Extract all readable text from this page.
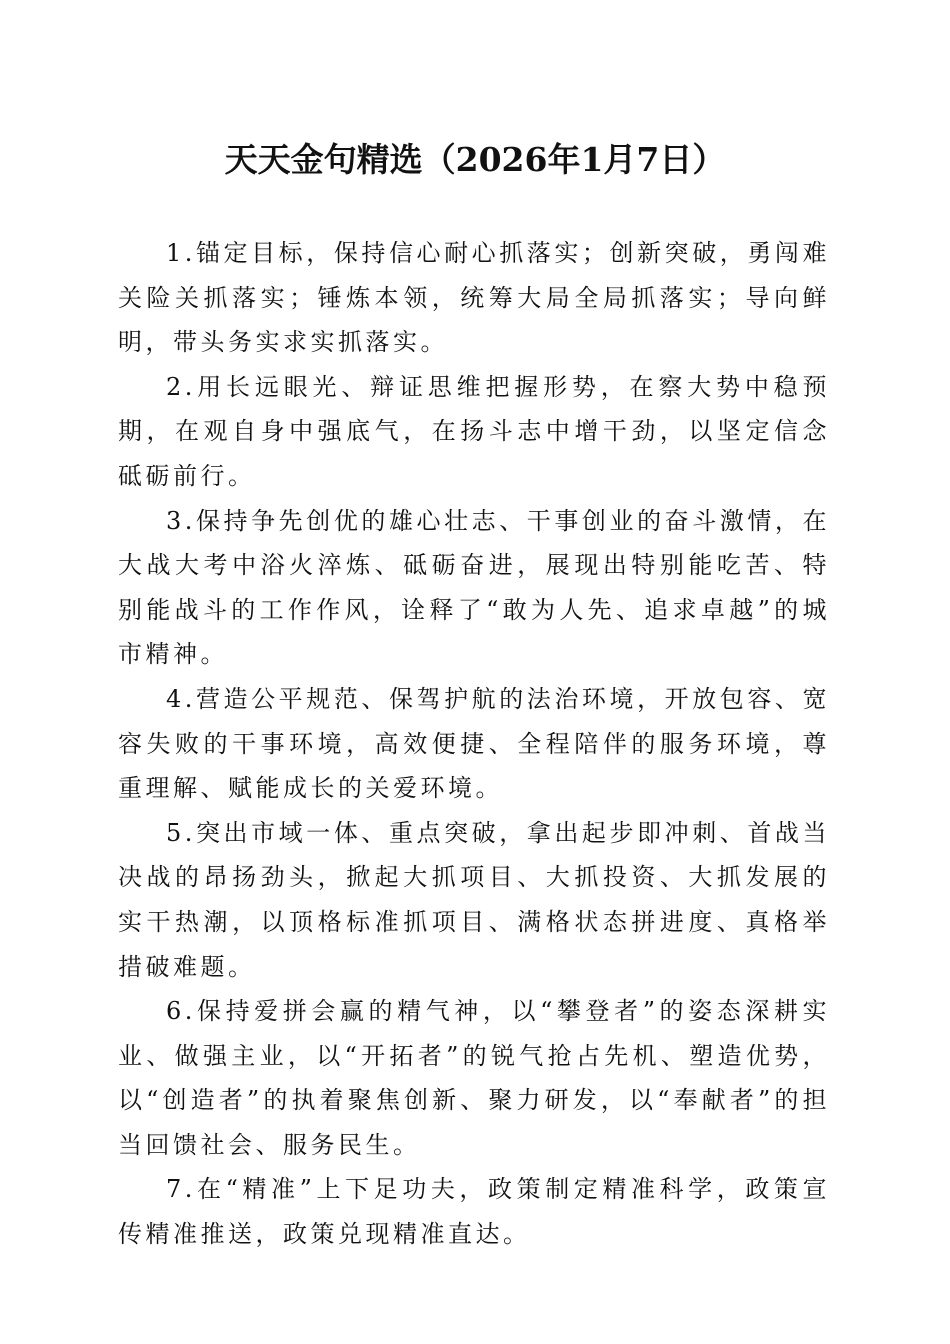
天天金句精选（2026年1月7日）

1.锚定目标，保持信心耐心抓落实；创新突破，勇闯难关险关抓落实；锤炼本领，统筹大局全局抓落实；导向鲜明，带头务实求实抓落实。

2.用长远眼光、辩证思维把握形势，在察大势中稳预期，在观自身中强底气，在扬斗志中增干劲，以坚定信念砥砺前行。

3.保持争先创优的雄心壮志、干事创业的奋斗激情，在大战大考中浴火淬炼、砥砺奋进，展现出特别能吃苦、特别能战斗的工作作风，诠释了“敢为人先、追求卓越”的城市精神。

4.营造公平规范、保驾护航的法治环境，开放包容、宽容失败的干事环境，高效便捷、全程陪伴的服务环境，尊重理解、赋能成长的关爱环境。

5.突出市域一体、重点突破，拿出起步即冲刺、首战当决战的昂扬劲头，掀起大抓项目、大抓投资、大抓发展的实干热潮，以顶格标准抓项目、满格状态拼进度、真格举措破难题。

6.保持爱拼会赢的精气神，以“攀登者”的姿态深耕实业、做强主业，以“开拓者”的锐气抢占先机、塑造优势，以“创造者”的执着聚焦创新、聚力研发，以“奉献者”的担当回馈社会、服务民生。

7.在“精准”上下足功夫，政策制定精准科学，政策宣传精准推送，政策兑现精准直达。
